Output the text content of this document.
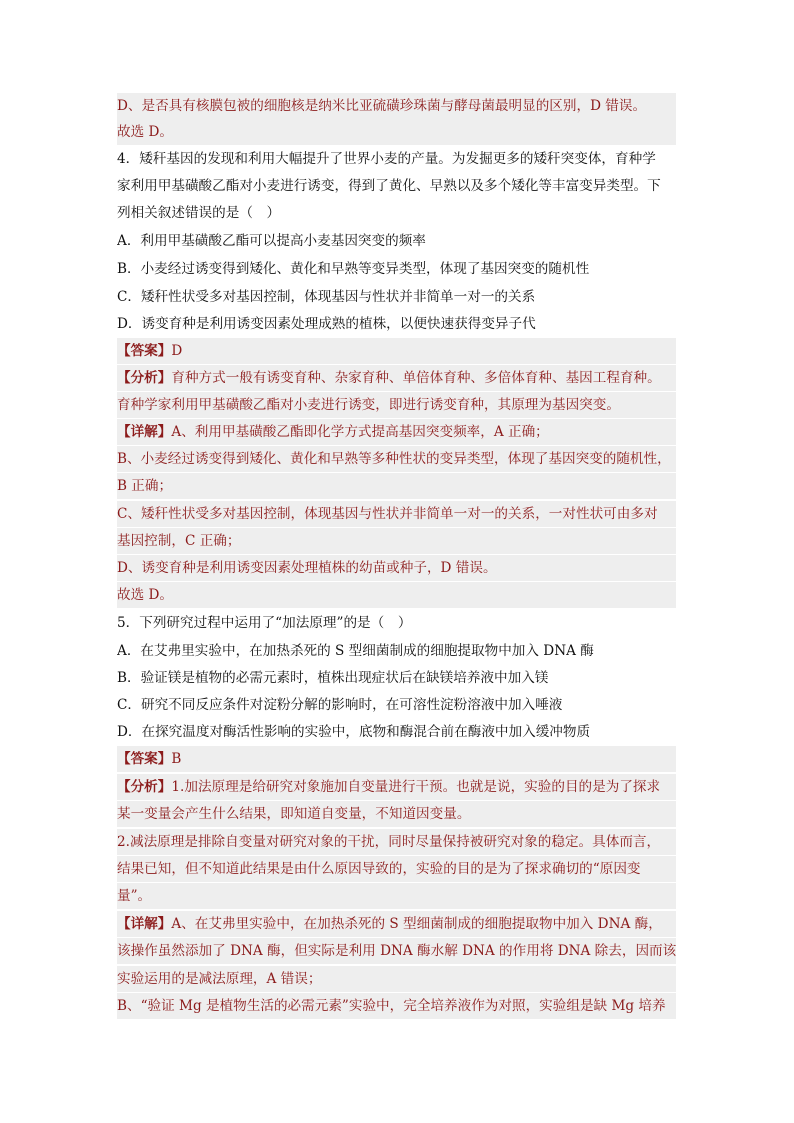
D、是否具有核膜包被的细胞核是纳米比亚硫磺珍珠菌与酵母菌最明显的区别，D 错误。
故选 D。
4．矮秆基因的发现和利用大幅提升了世界小麦的产量。为发掘更多的矮秆突变体，育种学
家利用甲基磺酸乙酯对小麦进行诱变，得到了黄化、早熟以及多个矮化等丰富变异类型。下
列相关叙述错误的是（　）
A．利用甲基磺酸乙酯可以提高小麦基因突变的频率
B．小麦经过诱变得到矮化、黄化和早熟等变异类型，体现了基因突变的随机性
C．矮秆性状受多对基因控制，体现基因与性状并非简单一对一的关系
D．诱变育种是利用诱变因素处理成熟的植株，以便快速获得变异子代
【答案】D
【分析】育种方式一般有诱变育种、杂家育种、单倍体育种、多倍体育种、基因工程育种。
育种学家利用甲基磺酸乙酯对小麦进行诱变，即进行诱变育种，其原理为基因突变。
【详解】A、利用甲基磺酸乙酯即化学方式提高基因突变频率，A 正确；
B、小麦经过诱变得到矮化、黄化和早熟等多种性状的变异类型，体现了基因突变的随机性，
B 正确；
C、矮秆性状受多对基因控制，体现基因与性状并非简单一对一的关系，一对性状可由多对
基因控制，C 正确；
D、诱变育种是利用诱变因素处理植株的幼苗或种子，D 错误。
故选 D。
5．下列研究过程中运用了“加法原理”的是（　）
A．在艾弗里实验中，在加热杀死的 S 型细菌制成的细胞提取物中加入 DNA 酶
B．验证镁是植物的必需元素时，植株出现症状后在缺镁培养液中加入镁
C．研究不同反应条件对淀粉分解的影响时，在可溶性淀粉溶液中加入唾液
D．在探究温度对酶活性影响的实验中，底物和酶混合前在酶液中加入缓冲物质
【答案】B
【分析】1.加法原理是给研究对象施加自变量进行干预。也就是说，实验的目的是为了探求
某一变量会产生什么结果，即知道自变量，不知道因变量。
2.减法原理是排除自变量对研究对象的干扰，同时尽量保持被研究对象的稳定。具体而言，
结果已知，但不知道此结果是由什么原因导致的，实验的目的是为了探求确切的“原因变
量”。
【详解】A、在艾弗里实验中，在加热杀死的 S 型细菌制成的细胞提取物中加入 DNA 酶，
该操作虽然添加了 DNA 酶，但实际是利用 DNA 酶水解 DNA 的作用将 DNA 除去，因而该
实验运用的是减法原理，A 错误；
B、“验证 Mg 是植物生活的必需元素”实验中，完全培养液作为对照，实验组是缺 Mg 培养
